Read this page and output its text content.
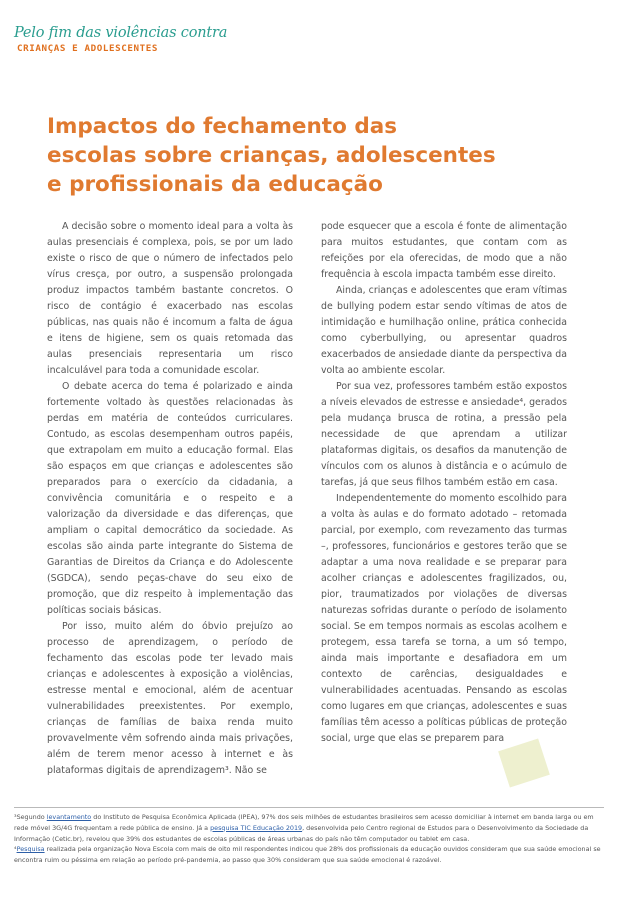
Pelo fim das violências contra
CRIANÇAS E ADOLESCENTES
Impactos do fechamento das
escolas sobre crianças, adolescentes
e profissionais da educação

A decisão sobre o momento ideal para a volta às aulas presenciais é complexa, pois, se por um lado existe o risco de que o número de infectados pelo vírus cresça, por outro, a suspensão prolongada produz impactos também bastante concretos. O risco de contágio é exacerbado nas escolas públicas, nas quais não é incomum a falta de água e itens de higiene, sem os quais retomada das aulas presenciais representaria um risco incalculável para toda a comunidade escolar.

O debate acerca do tema é polarizado e ainda fortemente voltado às questões relacionadas às perdas em matéria de conteúdos curriculares. Contudo, as escolas desempenham outros papéis, que extrapolam em muito a educação formal. Elas são espaços em que crianças e adolescentes são preparados para o exercício da cidadania, a convivência comunitária e o respeito e a valorização da diversidade e das diferenças, que ampliam o capital democrático da sociedade. As escolas são ainda parte integrante do Sistema de Garantias de Direitos da Criança e do Adolescente (SGDCA), sendo peças-chave do seu eixo de promoção, que diz respeito à implementação das políticas sociais básicas.

Por isso, muito além do óbvio prejuízo ao processo de aprendizagem, o período de fechamento das escolas pode ter levado mais crianças e adolescentes à exposição a violências, estresse mental e emocional, além de acentuar vulnerabilidades preexistentes. Por exemplo, crianças de famílias de baixa renda muito provavelmente vêm sofrendo ainda mais privações, além de terem menor acesso à internet e às plataformas digitais de aprendizagem³. Não se

pode esquecer que a escola é fonte de alimentação para muitos estudantes, que contam com as refeições por ela oferecidas, de modo que a não frequência à escola impacta também esse direito.

Ainda, crianças e adolescentes que eram vítimas de bullying podem estar sendo vítimas de atos de intimidação e humilhação online, prática conhecida como cyberbullying, ou apresentar quadros exacerbados de ansiedade diante da perspectiva da volta ao ambiente escolar.

Por sua vez, professores também estão expostos a níveis elevados de estresse e ansiedade⁴, gerados pela mudança brusca de rotina, a pressão pela necessidade de que aprendam a utilizar plataformas digitais, os desafios da manutenção de vínculos com os alunos à distância e o acúmulo de tarefas, já que seus filhos também estão em casa.

Independentemente do momento escolhido para a volta às aulas e do formato adotado – retomada parcial, por exemplo, com revezamento das turmas –, professores, funcionários e gestores terão que se adaptar a uma nova realidade e se preparar para acolher crianças e adolescentes fragilizados, ou, pior, traumatizados por violações de diversas naturezas sofridas durante o período de isolamento social. Se em tempos normais as escolas acolhem e protegem, essa tarefa se torna, a um só tempo, ainda mais importante e desafiadora em um contexto de carências, desigualdades e vulnerabilidades acentuadas. Pensando as escolas como lugares em que crianças, adolescentes e suas famílias têm acesso a políticas públicas de proteção social, urge que elas se preparem para

³Segundo levantamento do Instituto de Pesquisa Econômica Aplicada (IPEA), 97% dos seis milhões de estudantes brasileiros sem acesso domiciliar à internet em banda larga ou em rede móvel 3G/4G frequentam a rede pública de ensino. Já a pesquisa TIC Educação 2019, desenvolvida pelo Centro regional de Estudos para o Desenvolvimento da Sociedade da Informação (Cetic.br), revelou que 39% dos estudantes de escolas públicas de áreas urbanas do país não têm computador ou tablet em casa.

⁴Pesquisa realizada pela organização Nova Escola com mais de oito mil respondentes indicou que 28% dos profissionais da educação ouvidos consideram que sua saúde emocional se encontra ruim ou péssima em relação ao período pré-pandemia, ao passo que 30% consideram que sua saúde emocional é razoável.
